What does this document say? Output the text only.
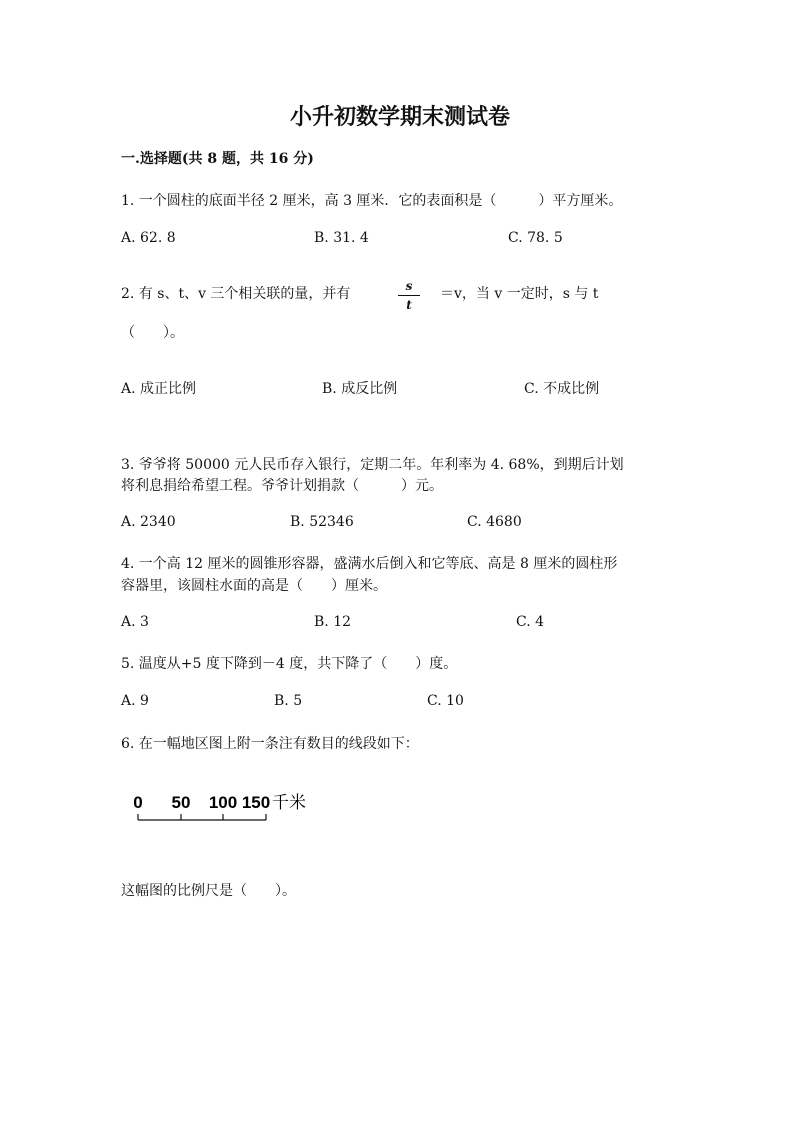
小升初数学期末测试卷
一.选择题(共 8 题，共 16 分)
1. 一个圆柱的底面半径 2 厘米，高 3 厘米．它的表面积是（　　　）平方厘米。
A. 62. 8	B. 31. 4	C. 78. 5
2. 有 s、t、v 三个相关联的量，并有	s
t
＝v，当 v 一定时，s 与 t
（　　）。
A. 成正比例	B. 成反比例	C. 不成比例
3. 爷爷将 50000 元人民币存入银行，定期二年。年利率为 4. 68%，到期后计划
将利息捐给希望工程。爷爷计划捐款（　　　）元。
A. 2340	B. 52346	C. 4680
4. 一个高 12 厘米的圆锥形容器，盛满水后倒入和它等底、高是 8 厘米的圆柱形
容器里，该圆柱水面的高是（　　）厘米。
A. 3	B. 12	C. 4
5. 温度从+5 度下降到－4 度，共下降了（　　）度。
A. 9	B. 5	C. 10
6. 在一幅地区图上附一条注有数目的线段如下：
0 50 100 150 千米
这幅图的比例尺是（　　）。
